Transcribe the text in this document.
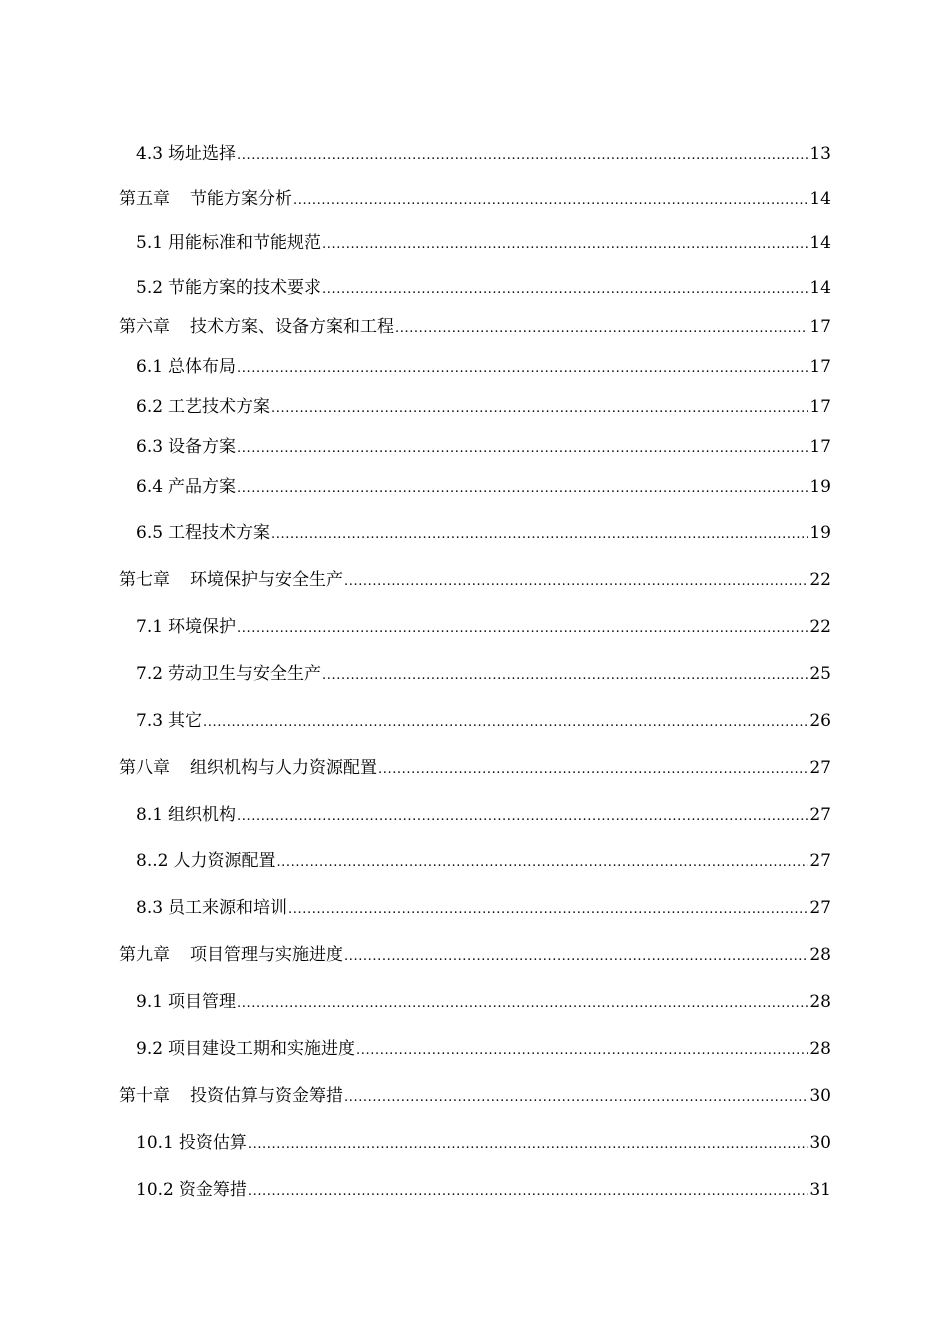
4.3 场址选择 .....	13
第五章 节能方案分析 .....	14
5.1 用能标准和节能规范 .....	14
5.2 节能方案的技术要求 .....	14
第六章 技术方案、设备方案和工程 .....	17
6.1 总体布局 .....	17
6.2 工艺技术方案 .....	17
6.3 设备方案 .....	17
6.4 产品方案 .....	19
6.5 工程技术方案 .....	19
第七章 环境保护与安全生产 .....	22
7.1 环境保护 .....	22
7.2 劳动卫生与安全生产 .....	25
7.3 其它 .....	26
第八章 组织机构与人力资源配置 .....	27
8.1 组织机构 .....	27
8..2 人力资源配置 .....	27
8.3 员工来源和培训 .....	27
第九章 项目管理与实施进度 .....	28
9.1 项目管理 .....	28
9.2 项目建设工期和实施进度 .....	28
第十章 投资估算与资金筹措 .....	30
10.1 投资估算 .....	30
10.2 资金筹措 .....	31
